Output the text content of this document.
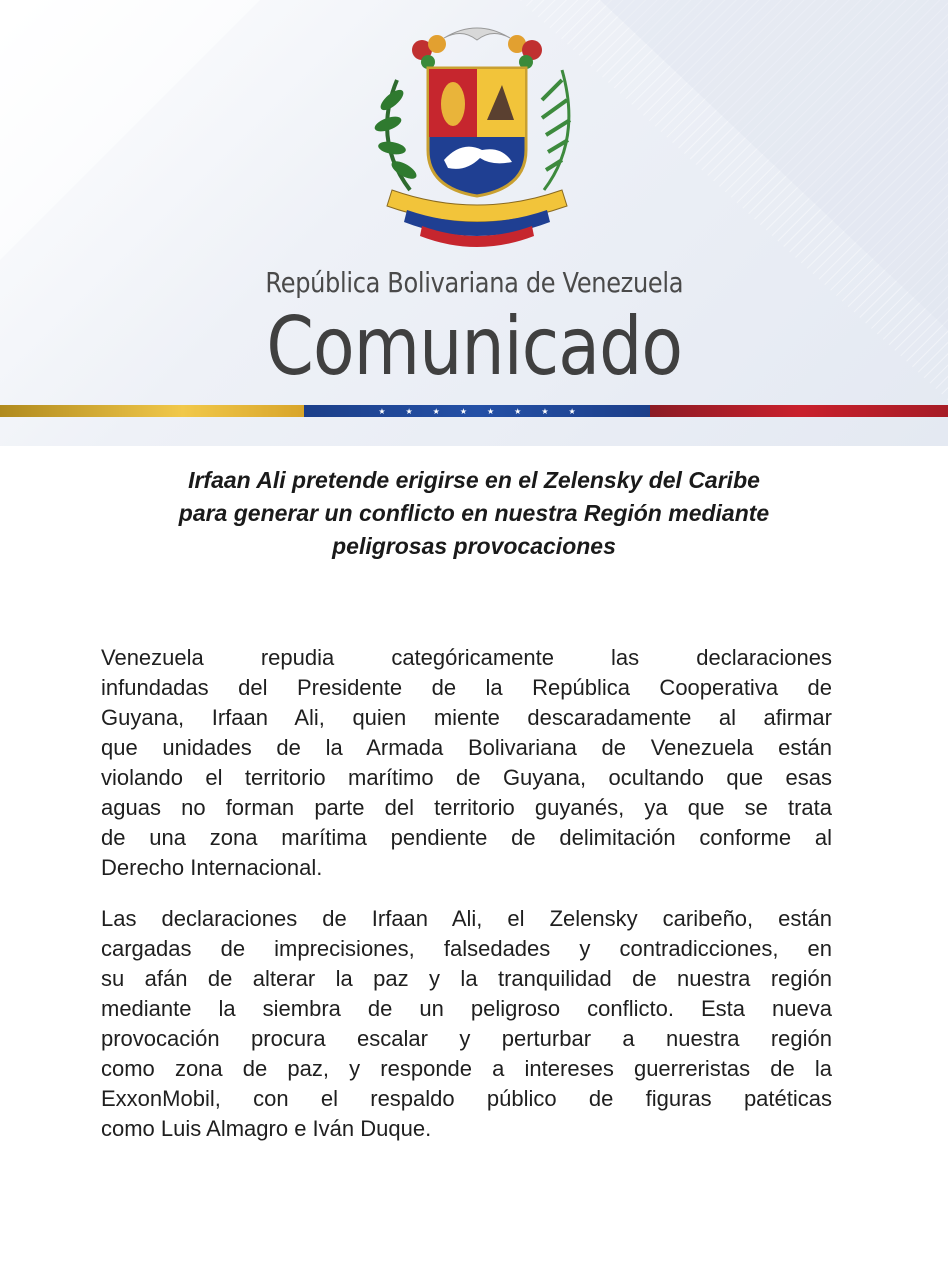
República Bolivariana de Venezuela
Comunicado
★	★	★	★	★	★	★	★
Irfaan Ali pretende erigirse en el Zelensky del Caribe
para generar un conflicto en nuestra Región mediante
peligrosas provocaciones
Venezuela repudia categóricamente las declaraciones
infundadas del Presidente de la República Cooperativa de
Guyana, Irfaan Ali, quien miente descaradamente al afirmar
que unidades de la Armada Bolivariana de Venezuela están
violando el territorio marítimo de Guyana, ocultando que esas
aguas no forman parte del territorio guyanés, ya que se trata
de una zona marítima pendiente de delimitación conforme al
Derecho Internacional.
Las declaraciones de Irfaan Ali, el Zelensky caribeño, están
cargadas de imprecisiones, falsedades y contradicciones, en
su afán de alterar la paz y la tranquilidad de nuestra región
mediante la siembra de un peligroso conflicto. Esta nueva
provocación procura escalar y perturbar a nuestra región
como zona de paz, y responde a intereses guerreristas de la
ExxonMobil, con el respaldo público de figuras patéticas
como Luis Almagro e Iván Duque.
